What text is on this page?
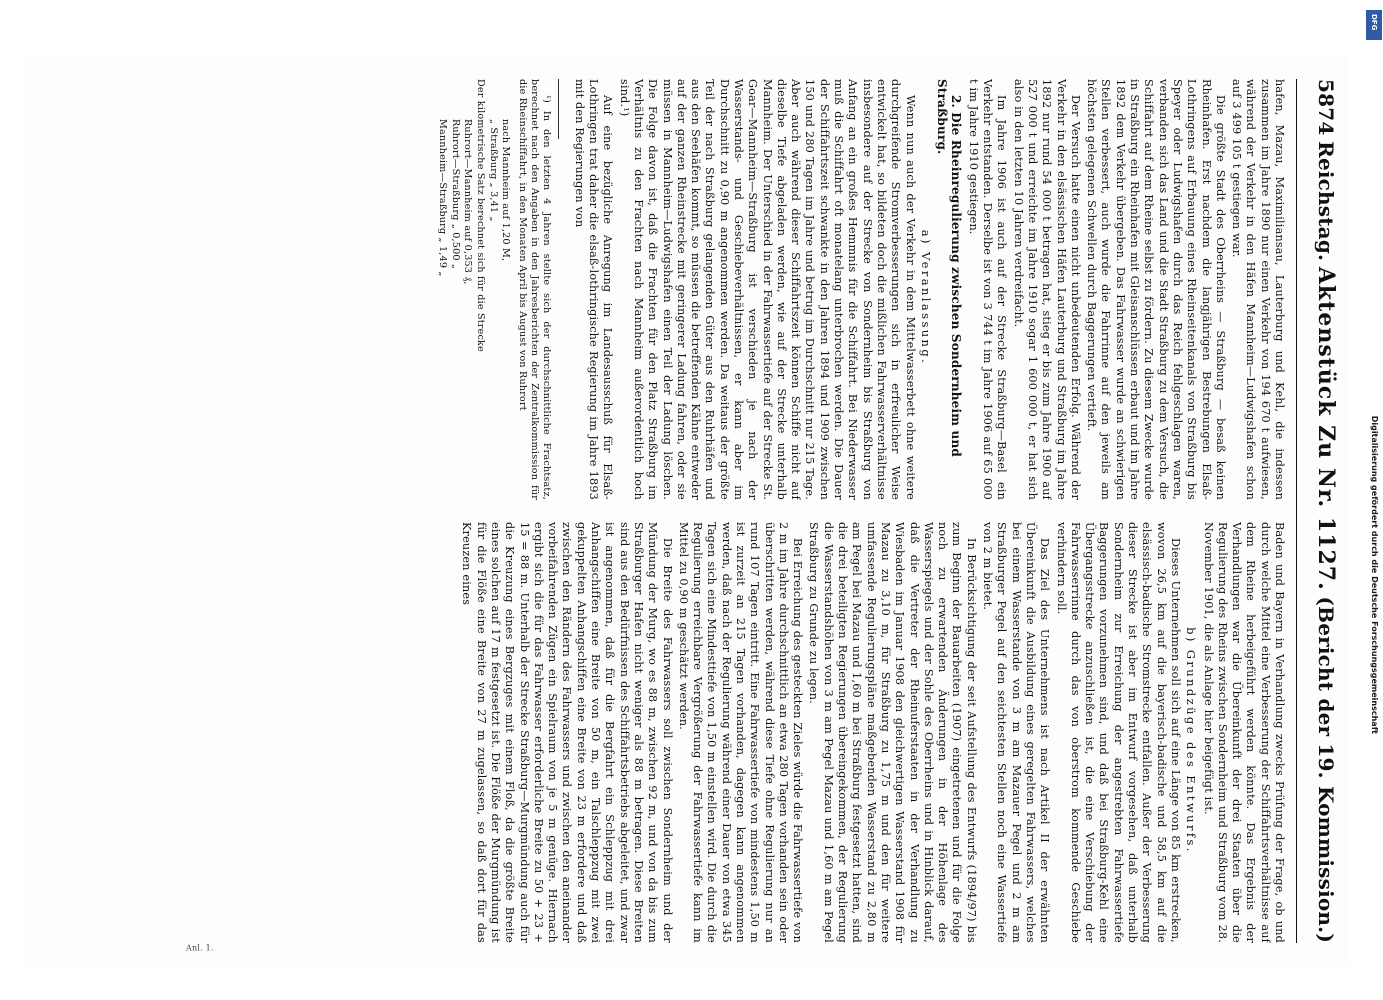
5874
Reichstag.
Aktenstück Zu Nr. 1127.
(Bericht der 19. Kommission.)

hafen, Mazau, Maximiliansau, Lauterburg und Kehl, die indessen zusammen im Jahre 1890 nur einen Verkehr von 194 670 t aufwiesen, während der Verkehr in den Häfen Mannheim—Ludwigshafen schon auf 3 499 105 t gestiegen war.

Die größte Stadt des Oberrheins — Straßburg — besaß keinen Rheinhafen. Erst nachdem die langjährigen Bestrebungen Elsaß-Lothringens auf Erbauung eines Rheinseitenkanals von Straßburg bis Speyer oder Ludwigshafen durch das Reich fehlgeschlagen waren, verbanden sich das Land und die Stadt Straßburg zu dem Versuch, die Schiffahrt auf dem Rheine selbst zu fördern. Zu diesem Zwecke wurde in Straßburg ein Rheinhafen mit Gleisanschlüssen erbaut und im Jahre 1892 dem Verkehr übergeben. Das Fahrwasser wurde an schwierigen Stellen verbessert, auch wurde die Fahrrinne auf den jeweils am höchsten gelegenen Schwellen durch Baggerungen vertieft.

Der Versuch hatte einen nicht unbedeutenden Erfolg. Während der Verkehr in den elsässischen Häfen Lauterburg und Straßburg im Jahre 1892 nur rund 54 000 t betragen hat, stieg er bis zum Jahre 1900 auf 527 000 t und erreichte im Jahre 1910 sogar 1 600 000 t, er hat sich also in den letzten 10 Jahren verdreifacht.

Im Jahre 1906 ist auch auf der Strecke Straßburg—Basel ein Verkehr entstanden. Derselbe ist von 3 744 t im Jahre 1906 auf 65 000 t im Jahre 1910 gestiegen.

2. Die Rheinregulierung zwischen Sondernheim und Straßburg.

a) Veranlassung.

Wenn nun auch der Verkehr in dem Mittelwasserbett ohne weitere durchgreifende Stromverbesserungen sich in erfreulicher Weise entwickelt hat, so bildeten doch die mißlichen Fahrwasserverhältnisse insbesondere auf der Strecke von Sondernheim bis Straßburg von Anfang an ein großes Hemmnis für die Schiffahrt. Bei Niederwasser muß die Schiffahrt oft monatelang unterbrochen werden. Die Dauer der Schiffahrtszeit schwankte in den Jahren 1894 und 1909 zwischen 150 und 280 Tagen im Jahre und betrug im Durchschnitt nur 215 Tage. Aber auch während dieser Schiffahrtszeit können Schiffe nicht auf dieselbe Tiefe abgeladen werden, wie auf der Strecke unterhalb Mannheim. Der Unterschied in der Fahrwassertiefe auf der Strecke St. Goar—Mannheim—Straßburg ist verschieden je nach der Wasserstands- und Geschiebeverhältnissen, er kann aber im Durchschnitt zu 0,90 m angenommen werden. Da weitaus der größte Teil der nach Straßburg gelangenden Güter aus den Ruhrhäfen und aus den Seehäfen kommt, so müssen die betreffenden Kähne entweder auf der ganzen Rheinstrecke mit geringerer Ladung fahren, oder sie müssen in Mannheim—Ludwigshafen einen Teil der Ladung löschen. Die Folge davon ist, daß die Frachten für den Platz Straßburg im Verhältnis zu den Frachten nach Mannheim außerordentlich hoch sind.¹)

Auf eine bezügliche Anregung im Landesausschuß für Elsaß-Lothringen trat daher die elsaß-lothringische Regierung im Jahre 1893 mit den Regierungen von

¹) In den letzten 4 Jahren stellte sich der durchschnittliche Frachtsatz, berechnet nach den Angaben in den Jahresberichten der Zentralkommission für die Rheinschiffahrt, in den Monaten April bis August von Ruhrort

nach Mannheim auf 1,20 M,
„ Straßburg „ 3,41 „
Der kilometrische Satz berechnet sich für die Strecke
Ruhrort—Mannheim auf 0,353 ₰,
Ruhrort—Straßburg „ 0,500 „
Mannheim—Straßburg „ 1,49 „

Baden und Bayern in Verhandlung zwecks Prüfung der Frage, ob und durch welche Mittel eine Verbesserung der Schiffahrtsverhältnisse auf dem Rheine herbeigeführt werden könnte. Das Ergebnis der Verhandlungen war die Übereinkunft der drei Staaten über die Regulierung des Rheins zwischen Sondernheim und Straßburg vom 28. November 1901, die als Anlage hier beigefügt ist.

b) Grundzüge des Entwurfs.

Dieses Unternehmen soll sich auf eine Länge von 85 km erstrecken, wovon 26,5 km auf die bayerisch-badische und 58,5 km auf die elsässisch-badische Stromstrecke entfallen. Außer der Verbesserung dieser Strecke ist aber im Entwurf vorgesehen, daß unterhalb Sondernheim zur Erreichung der angestrebten Fahrwassertiefe Baggerungen vorzunehmen sind, und daß bei Straßburg-Kehl eine Übergangsstrecke anzuschließen ist, die eine Verschiebung der Fahrwasserrinne durch das von oberstrom kommende Geschiebe verhindern soll.

Das Ziel des Unternehmens ist nach Artikel II der erwähnten Übereinkunft die Ausbildung eines geregelten Fahrwassers, welches bei einem Wasserstande von 3 m am Mazauer Pegel und 2 m am Straßburger Pegel auf den seichtesten Stellen noch eine Wassertiefe von 2 m bietet.

In Berücksichtigung der seit Aufstellung des Entwurfs (1894/97) bis zum Beginn der Bauarbeiten (1907) eingetretenen und für die Folge noch zu erwartenden Änderungen in der Höhenlage des Wasserspiegels und der Sohle des Oberrheins und in Hinblick darauf, daß die Vertreter der Rheinuferstaaten in der Verhandlung zu Wiesbaden im Januar 1908 den gleichwertigen Wasserstand 1908 für Mazau zu 3,10 m, für Straßburg zu 1,75 m und den für weitere umfassende Regulierungspläne maßgebenden Wasserstand zu 2,80 m am Pegel bei Mazau und 1,60 m bei Straßburg festgesetzt hatten, sind die drei beteiligten Regierungen übereingekommen, der Regulierung die Wasserstandshöhen von 3 m am Pegel Mazau und 1,60 m am Pegel Straßburg zu Grunde zu legen.

Bei Erreichung des gesteckten Zieles würde die Fahrwassertiefe von 2 m im Jahre durchschnittlich an etwa 280 Tagen vorhanden sein oder überschritten werden, während diese Tiefe ohne Regulierung nur an rund 107 Tagen eintritt. Eine Fahrwassertiefe von mindestens 1,50 m ist zurzeit an 215 Tagen vorhanden, dagegen kann angenommen werden, daß nach der Regulierung während einer Dauer von etwa 345 Tagen sich eine Mindesttiefe von 1,50 m einstellen wird. Die durch die Regulierung erreichbare Vergrößerung der Fahrwassertiefe kann im Mittel zu 0,90 m geschätzt werden.

Die Breite des Fahrwassers soll zwischen Sondernheim und der Mündung der Murg, wo es 88 m, zwischen 92 m, und von da bis zum Straßburger Hafen nicht weniger als 88 m betragen. Diese Breiten sind aus den Bedürfnissen des Schiffahrtsbetriebs abgeleitet, und zwar ist angenommen, daß für die Bergfahrt ein Schleppzug mit drei Anhangschiffen eine Breite von 50 m, ein Talschleppzug mit zwei gekuppelten Anhangschiffen eine Breite von 23 m erfordere und daß zwischen den Rändern des Fahrwassers und zwischen den aneinander vorbeifahrenden Zügen ein Spielraum von je 5 m genüge. Hiernach ergibt sich die für das Fahrwasser erforderliche Breite zu 50 + 23 + 15 = 88 m. Unterhalb der Strecke Straßburg—Murgmündung auch für die Kreuzung eines Bergzuges mit einem Floß, da die größte Breite eines solchen auf 17 m festgesetzt ist. Die Flöße der Murgmündung ist für die Flöße eine Breite von 27 m zugelassen, so daß dort für das Kreuzen eines

Anl. 1.
DFG
Digitalisierung gefördert durch die Deutsche Forschungsgemeinschaft
